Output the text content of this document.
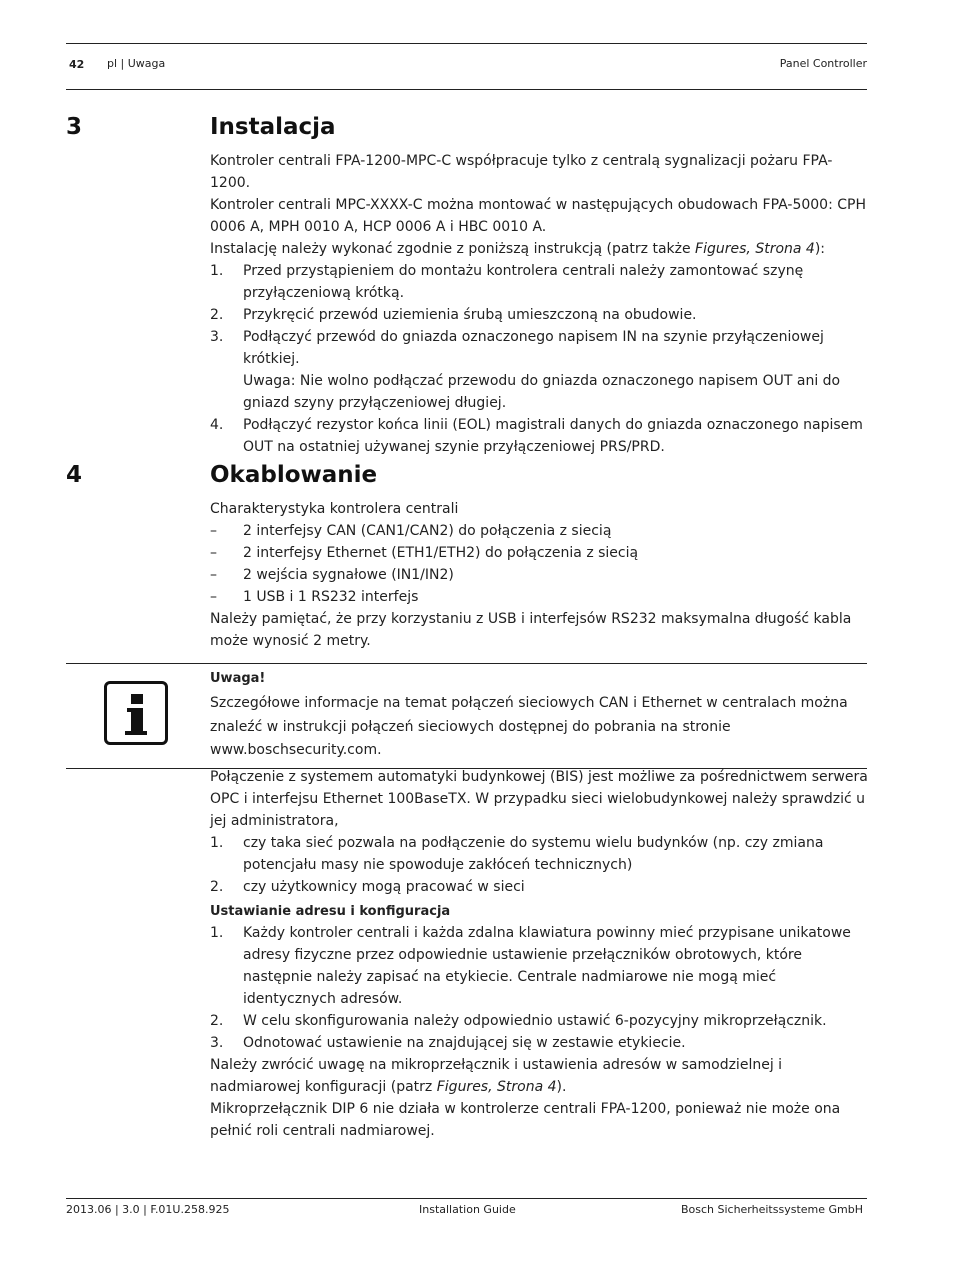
42 pl | Uwaga	Panel Controller
3	Instalacja

Kontroler centrali FPA-1200-MPC-C współpracuje tylko z centralą sygnalizacji pożaru FPA-1200.

Kontroler centrali MPC-XXXX-C można montować w następujących obudowach FPA-5000: CPH 0006 A, MPH 0010 A, HCP 0006 A i HBC 0010 A.

Instalację należy wykonać zgodnie z poniższą instrukcją (patrz także Figures, Strona 4):

1. Przed przystąpieniem do montażu kontrolera centrali należy zamontować szynę przyłączeniową krótką.
2. Przykręcić przewód uziemienia śrubą umieszczoną na obudowie.
3. Podłączyć przewód do gniazda oznaczonego napisem IN na szynie przyłączeniowej krótkiej.
Uwaga: Nie wolno podłączać przewodu do gniazda oznaczonego napisem OUT ani do gniazd szyny przyłączeniowej długiej.
4. Podłączyć rezystor końca linii (EOL) magistrali danych do gniazda oznaczonego napisem OUT na ostatniej używanej szynie przyłączeniowej PRS/PRD.
4	Okablowanie

Charakterystyka kontrolera centrali

– 2 interfejsy CAN (CAN1/CAN2) do połączenia z siecią
– 2 interfejsy Ethernet (ETH1/ETH2) do połączenia z siecią
– 2 wejścia sygnałowe (IN1/IN2)
– 1 USB i 1 RS232 interfejs

Należy pamiętać, że przy korzystaniu z USB i interfejsów RS232 maksymalna długość kabla może wynosić 2 metry.

Uwaga!
Szczegółowe informacje na temat połączeń sieciowych CAN i Ethernet w centralach można
znaleźć w instrukcji połączeń sieciowych dostępnej do pobrania na stronie
www.boschsecurity.com.

Połączenie z systemem automatyki budynkowej (BIS) jest możliwe za pośrednictwem serwera OPC i interfejsu Ethernet 100BaseTX. W przypadku sieci wielobudynkowej należy sprawdzić u jej administratora,

1. czy taka sieć pozwala na podłączenie do systemu wielu budynków (np. czy zmiana potencjału masy nie spowoduje zakłóceń technicznych)
2. czy użytkownicy mogą pracować w sieci
Ustawianie adresu i konfiguracja
1. Każdy kontroler centrali i każda zdalna klawiatura powinny mieć przypisane unikatowe adresy fizyczne przez odpowiednie ustawienie przełączników obrotowych, które następnie należy zapisać na etykiecie. Centrale nadmiarowe nie mogą mieć identycznych adresów.
2. W celu skonfigurowania należy odpowiednio ustawić 6-pozycyjny mikroprzełącznik.
3. Odnotować ustawienie na znajdującej się w zestawie etykiecie.

Należy zwrócić uwagę na mikroprzełącznik i ustawienia adresów w samodzielnej i nadmiarowej konfiguracji (patrz Figures, Strona 4).

Mikroprzełącznik DIP 6 nie działa w kontrolerze centrali FPA-1200, ponieważ nie może ona pełnić roli centrali nadmiarowej.

2013.06 | 3.0 | F.01U.258.925	Installation Guide	Bosch Sicherheitssysteme GmbH
